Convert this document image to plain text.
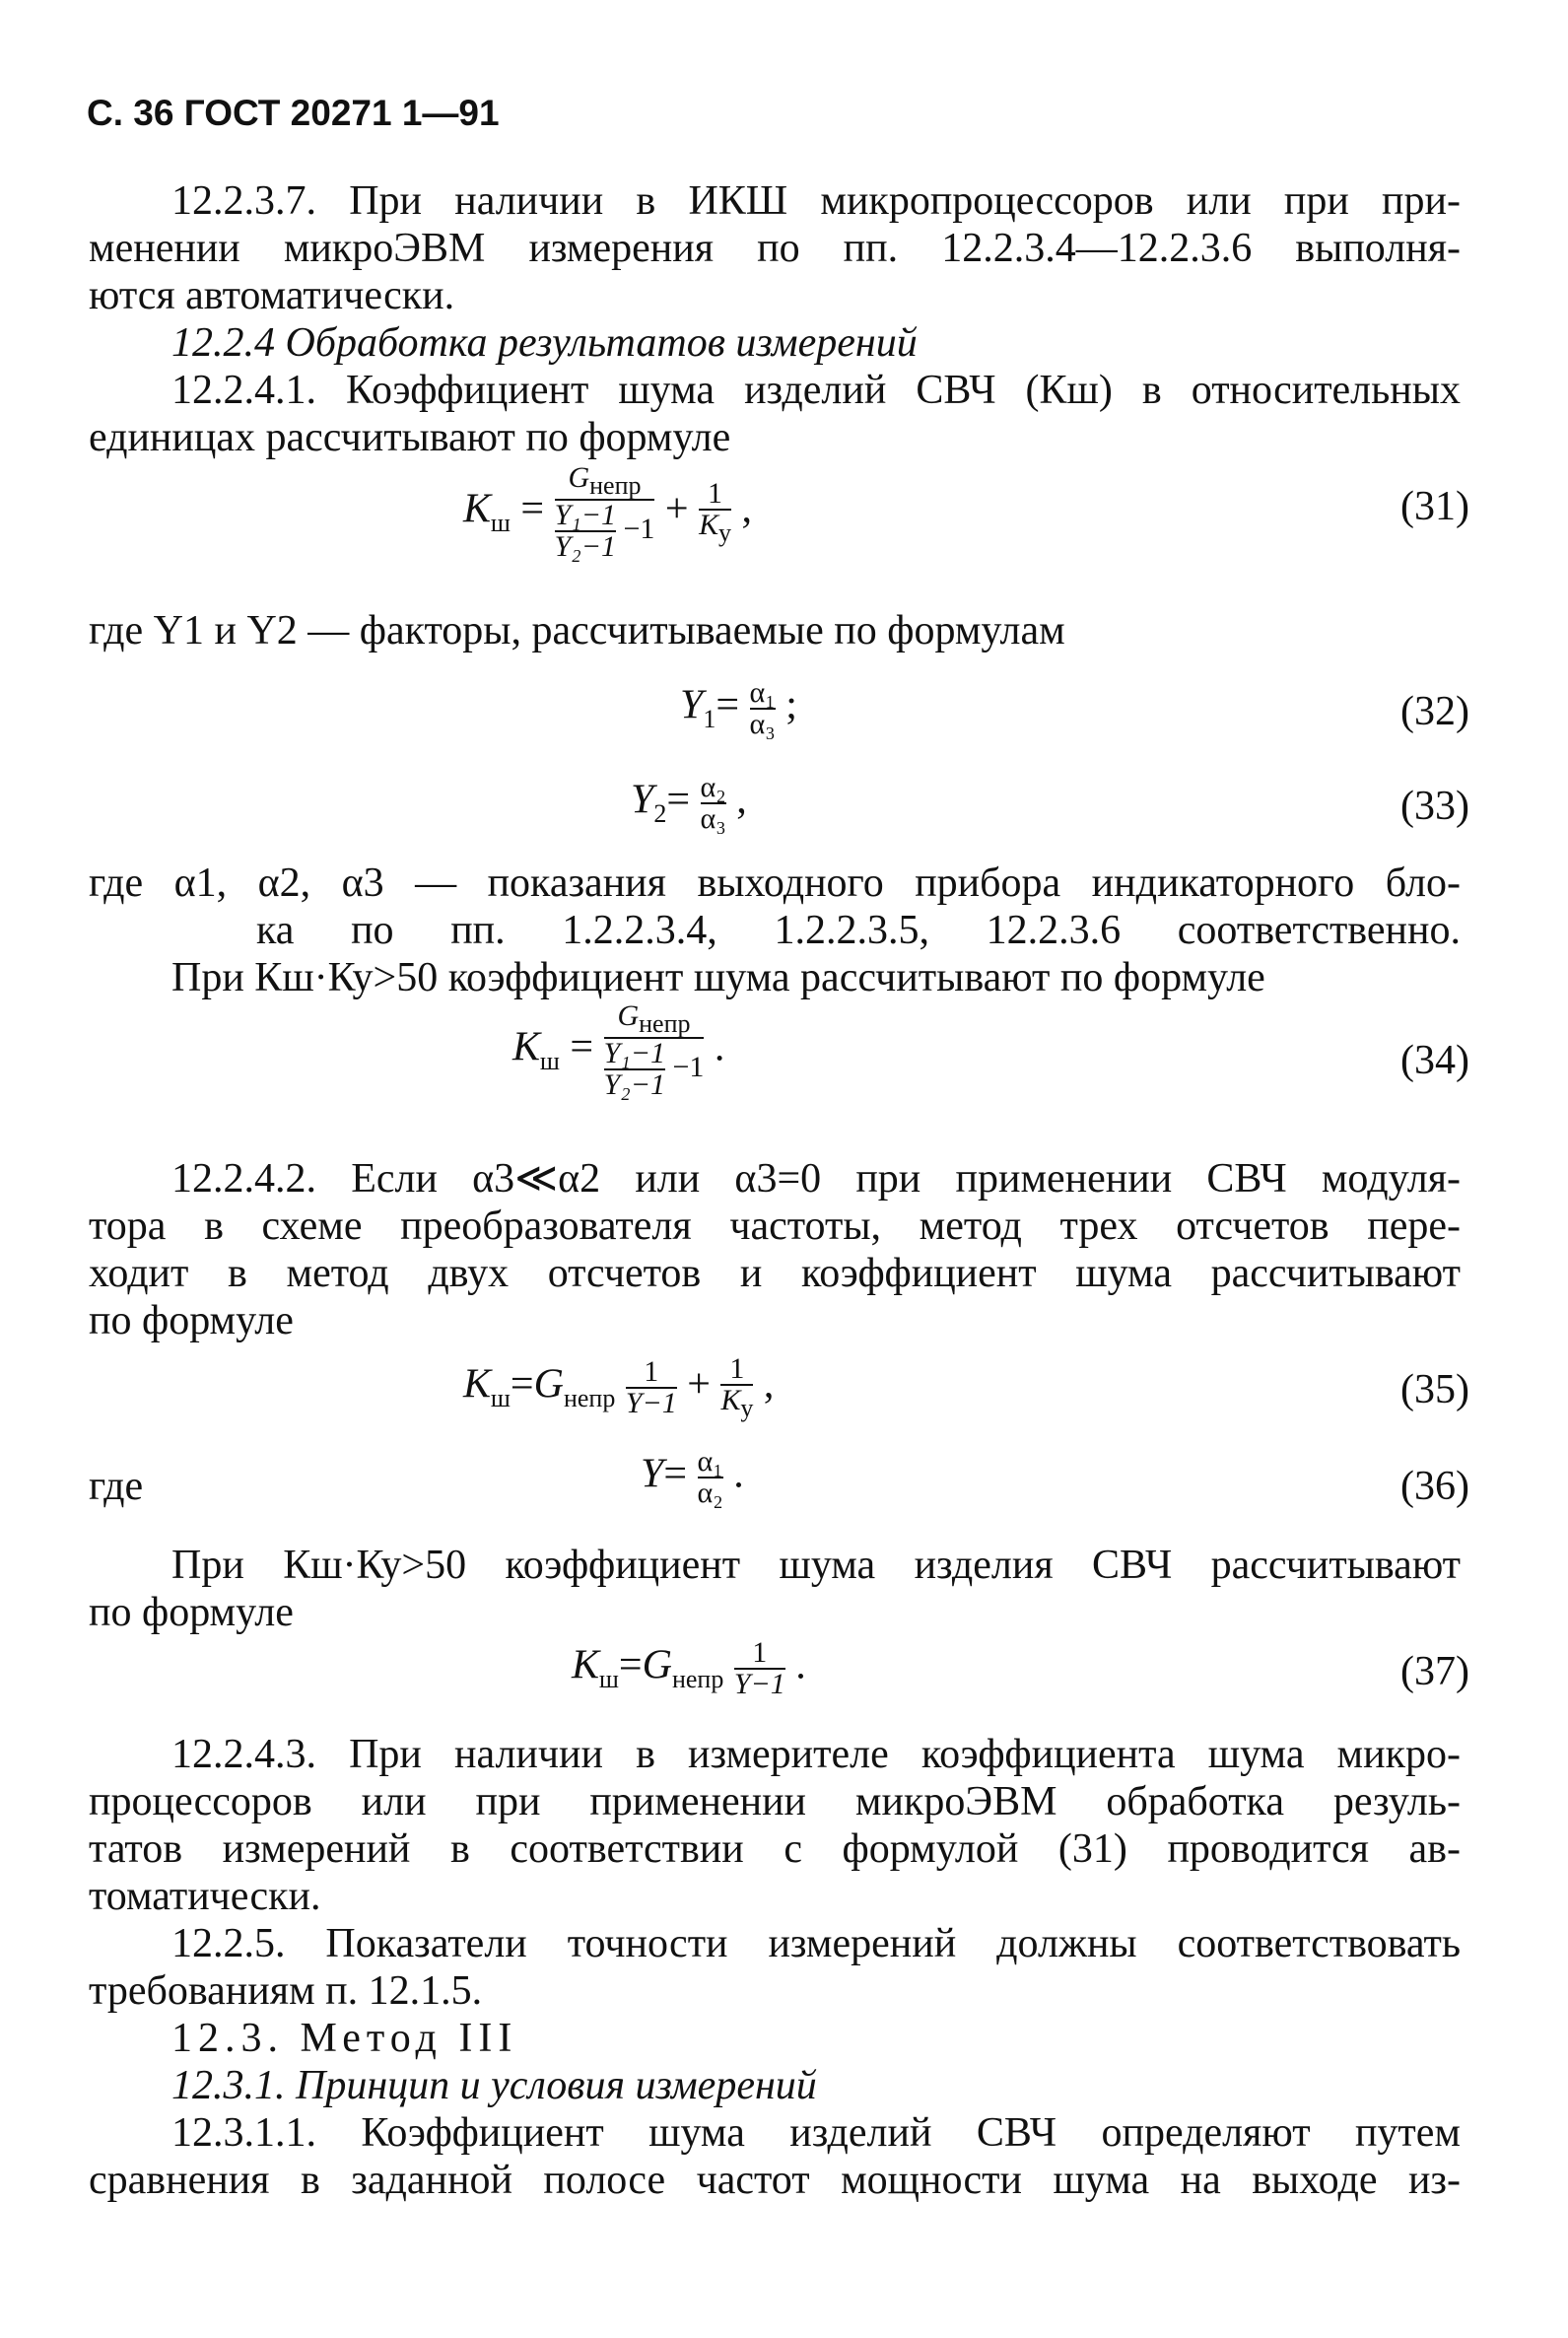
С. 36 ГОСТ 20271 1—91
12.2.3.7. При наличии в ИКШ микропроцессоров или при при-
менении микроЭВМ измерения по пп. 12.2.3.4—12.2.3.6 выполня-
ются автоматически.
12.2.4 Обработка результатов измерений
12.2.4.1. Коэффициент шума изделий СВЧ (Кш) в относительных
единицах рассчитывают по формуле
$К_ш = \frac{G_{непр}}{\frac{\text{Y₁−1}}{\text{Y₂−1}} -1} + \frac{1}{К_у}$ ,	(31)
где Y1 и Y2 — факторы, рассчитываемые по формулам
$Y_1= \frac{\text{α₁}}{\text{α₃}}$ ;	(32)
$Y_2= \frac{\text{α₂}}{\text{α₃}}$ ,	(33)
где α1, α2, α3 — показания выходного прибора индикаторного бло-
ка по пп. 1.2.2.3.4, 1.2.2.3.5, 12.2.3.6 соответственно.
При Кш·Ку>50 коэффициент шума рассчитывают по формуле
$К_ш = \frac{G_{непр}}{\frac{\text{Y₁−1}}{\text{Y₂−1}} -1}$ .	(34)
12.2.4.2. Если α3≪α2 или α3=0 при применении СВЧ модуля-
тора в схеме преобразователя частоты, метод трех отсчетов пере-
ходит в метод двух отсчетов и коэффициент шума рассчитывают
по формуле
$К_ш=G_{непр} \frac{1}{Y-1} + \frac{1}{К_у}$ ,	(35)
где	$Y= \frac{\text{α₁}}{\text{α₂}}$ .	(36)
При Кш·Ку>50 коэффициент шума изделия СВЧ рассчитывают
по формуле
$К_ш=G_{непр} \frac{1}{Y-1}$ .	(37)
12.2.4.3. При наличии в измерителе коэффициента шума микро-
процессоров или при применении микроЭВМ обработка резуль-
татов измерений в соответствии с формулой (31) проводится ав-
томатически.
12.2.5. Показатели точности измерений должны соответствовать
требованиям п. 12.1.5.
12.3. Метод III
12.3.1. Принцип и условия измерений
12.3.1.1. Коэффициент шума изделий СВЧ определяют путем
сравнения в заданной полосе частот мощности шума на выходе из-
